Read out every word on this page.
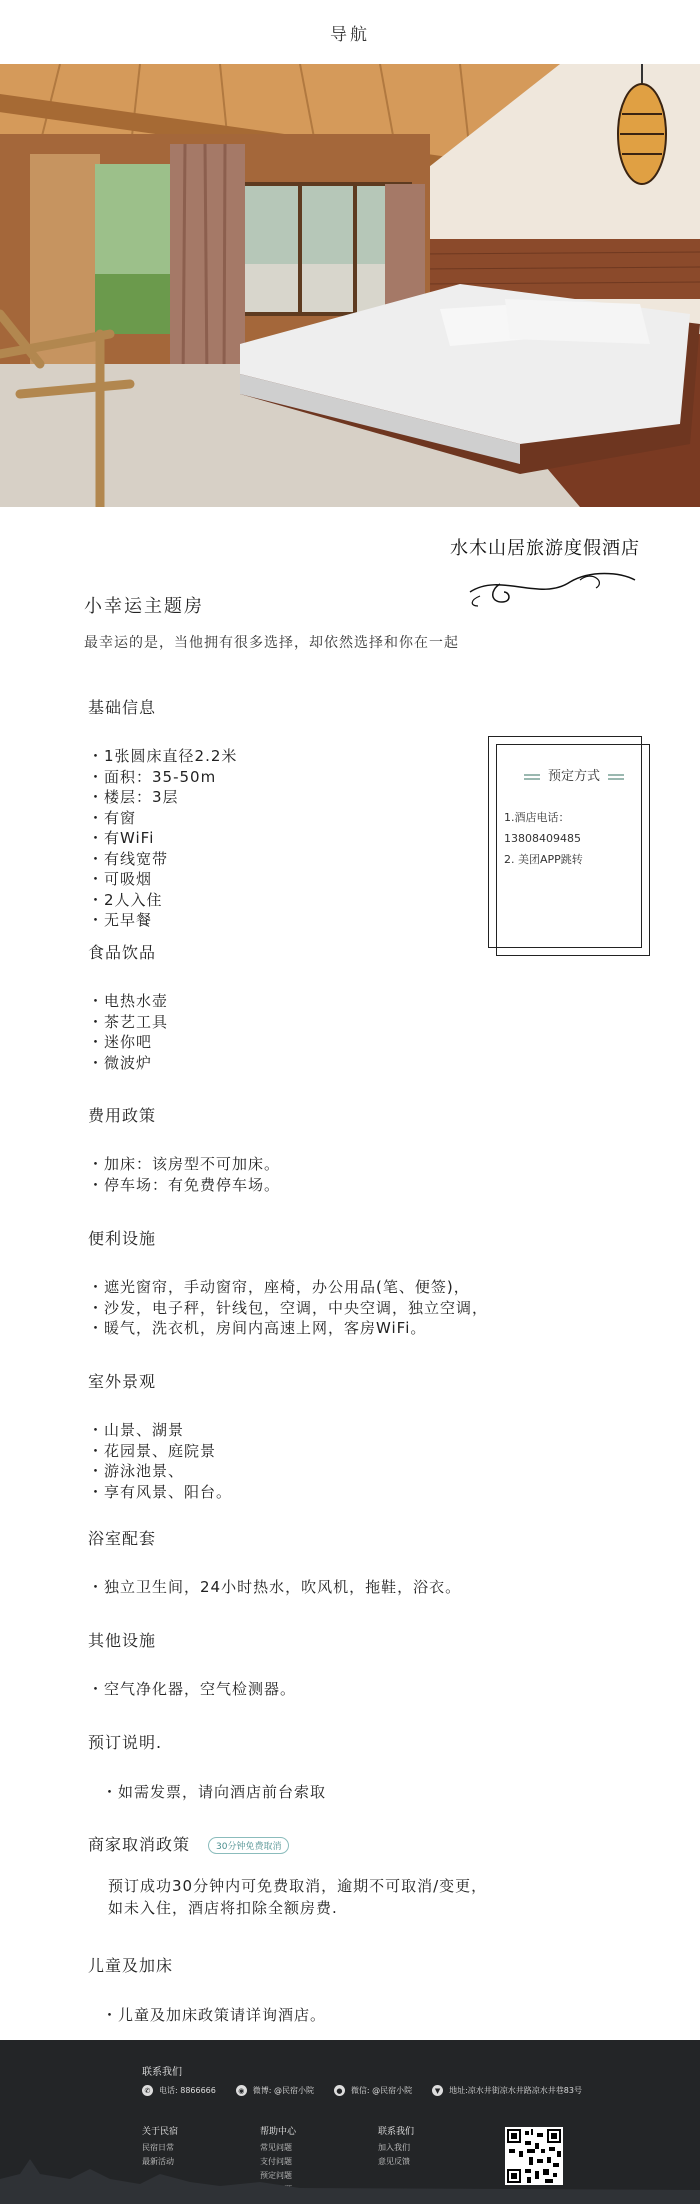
导航
水木山居旅游度假酒店
小幸运主题房
最幸运的是，当他拥有很多选择，却依然选择和你在一起
基础信息
・1张圆床直径2.2米
・面积：35-50m
・楼层：3层
・有窗
・有WiFi
・有线宽带
・可吸烟
・2人入住
・无早餐
预定方式
1.酒店电话：
13808409485
2. 美团APP跳转
食品饮品
・电热水壶
・茶艺工具
・迷你吧
・微波炉
费用政策
・加床：该房型不可加床。
・停车场：有免费停车场。
便利设施
・遮光窗帘，手动窗帘，座椅，办公用品(笔、便签)，
・沙发，电子秤，针线包，空调，中央空调，独立空调，
・暖气，洗衣机，房间内高速上网，客房WiFi。
室外景观
・山景、湖景
・花园景、庭院景
・游泳池景、
・享有风景、阳台。
浴室配套
・独立卫生间，24小时热水，吹风机，拖鞋，浴衣。
其他设施
・空气净化器，空气检测器。
预订说明.
・如需发票，请向酒店前台索取
商家取消政策	30分钟免费取消
预订成功30分钟内可免费取消，逾期不可取消/变更，
如未入住，酒店将扣除全额房费.
儿童及加床
・儿童及加床政策请详询酒店。
联系我们
✆	电话: 8866666	◉	微博: @民宿小院	●	微信: @民宿小院	▼	地址:凉水井街凉水井路凉水井巷83号
关于民宿
民宿日常
最新活动
帮助中心
常见问题
支付问题
预定问题
联系我们
加入我们
意见反馈
